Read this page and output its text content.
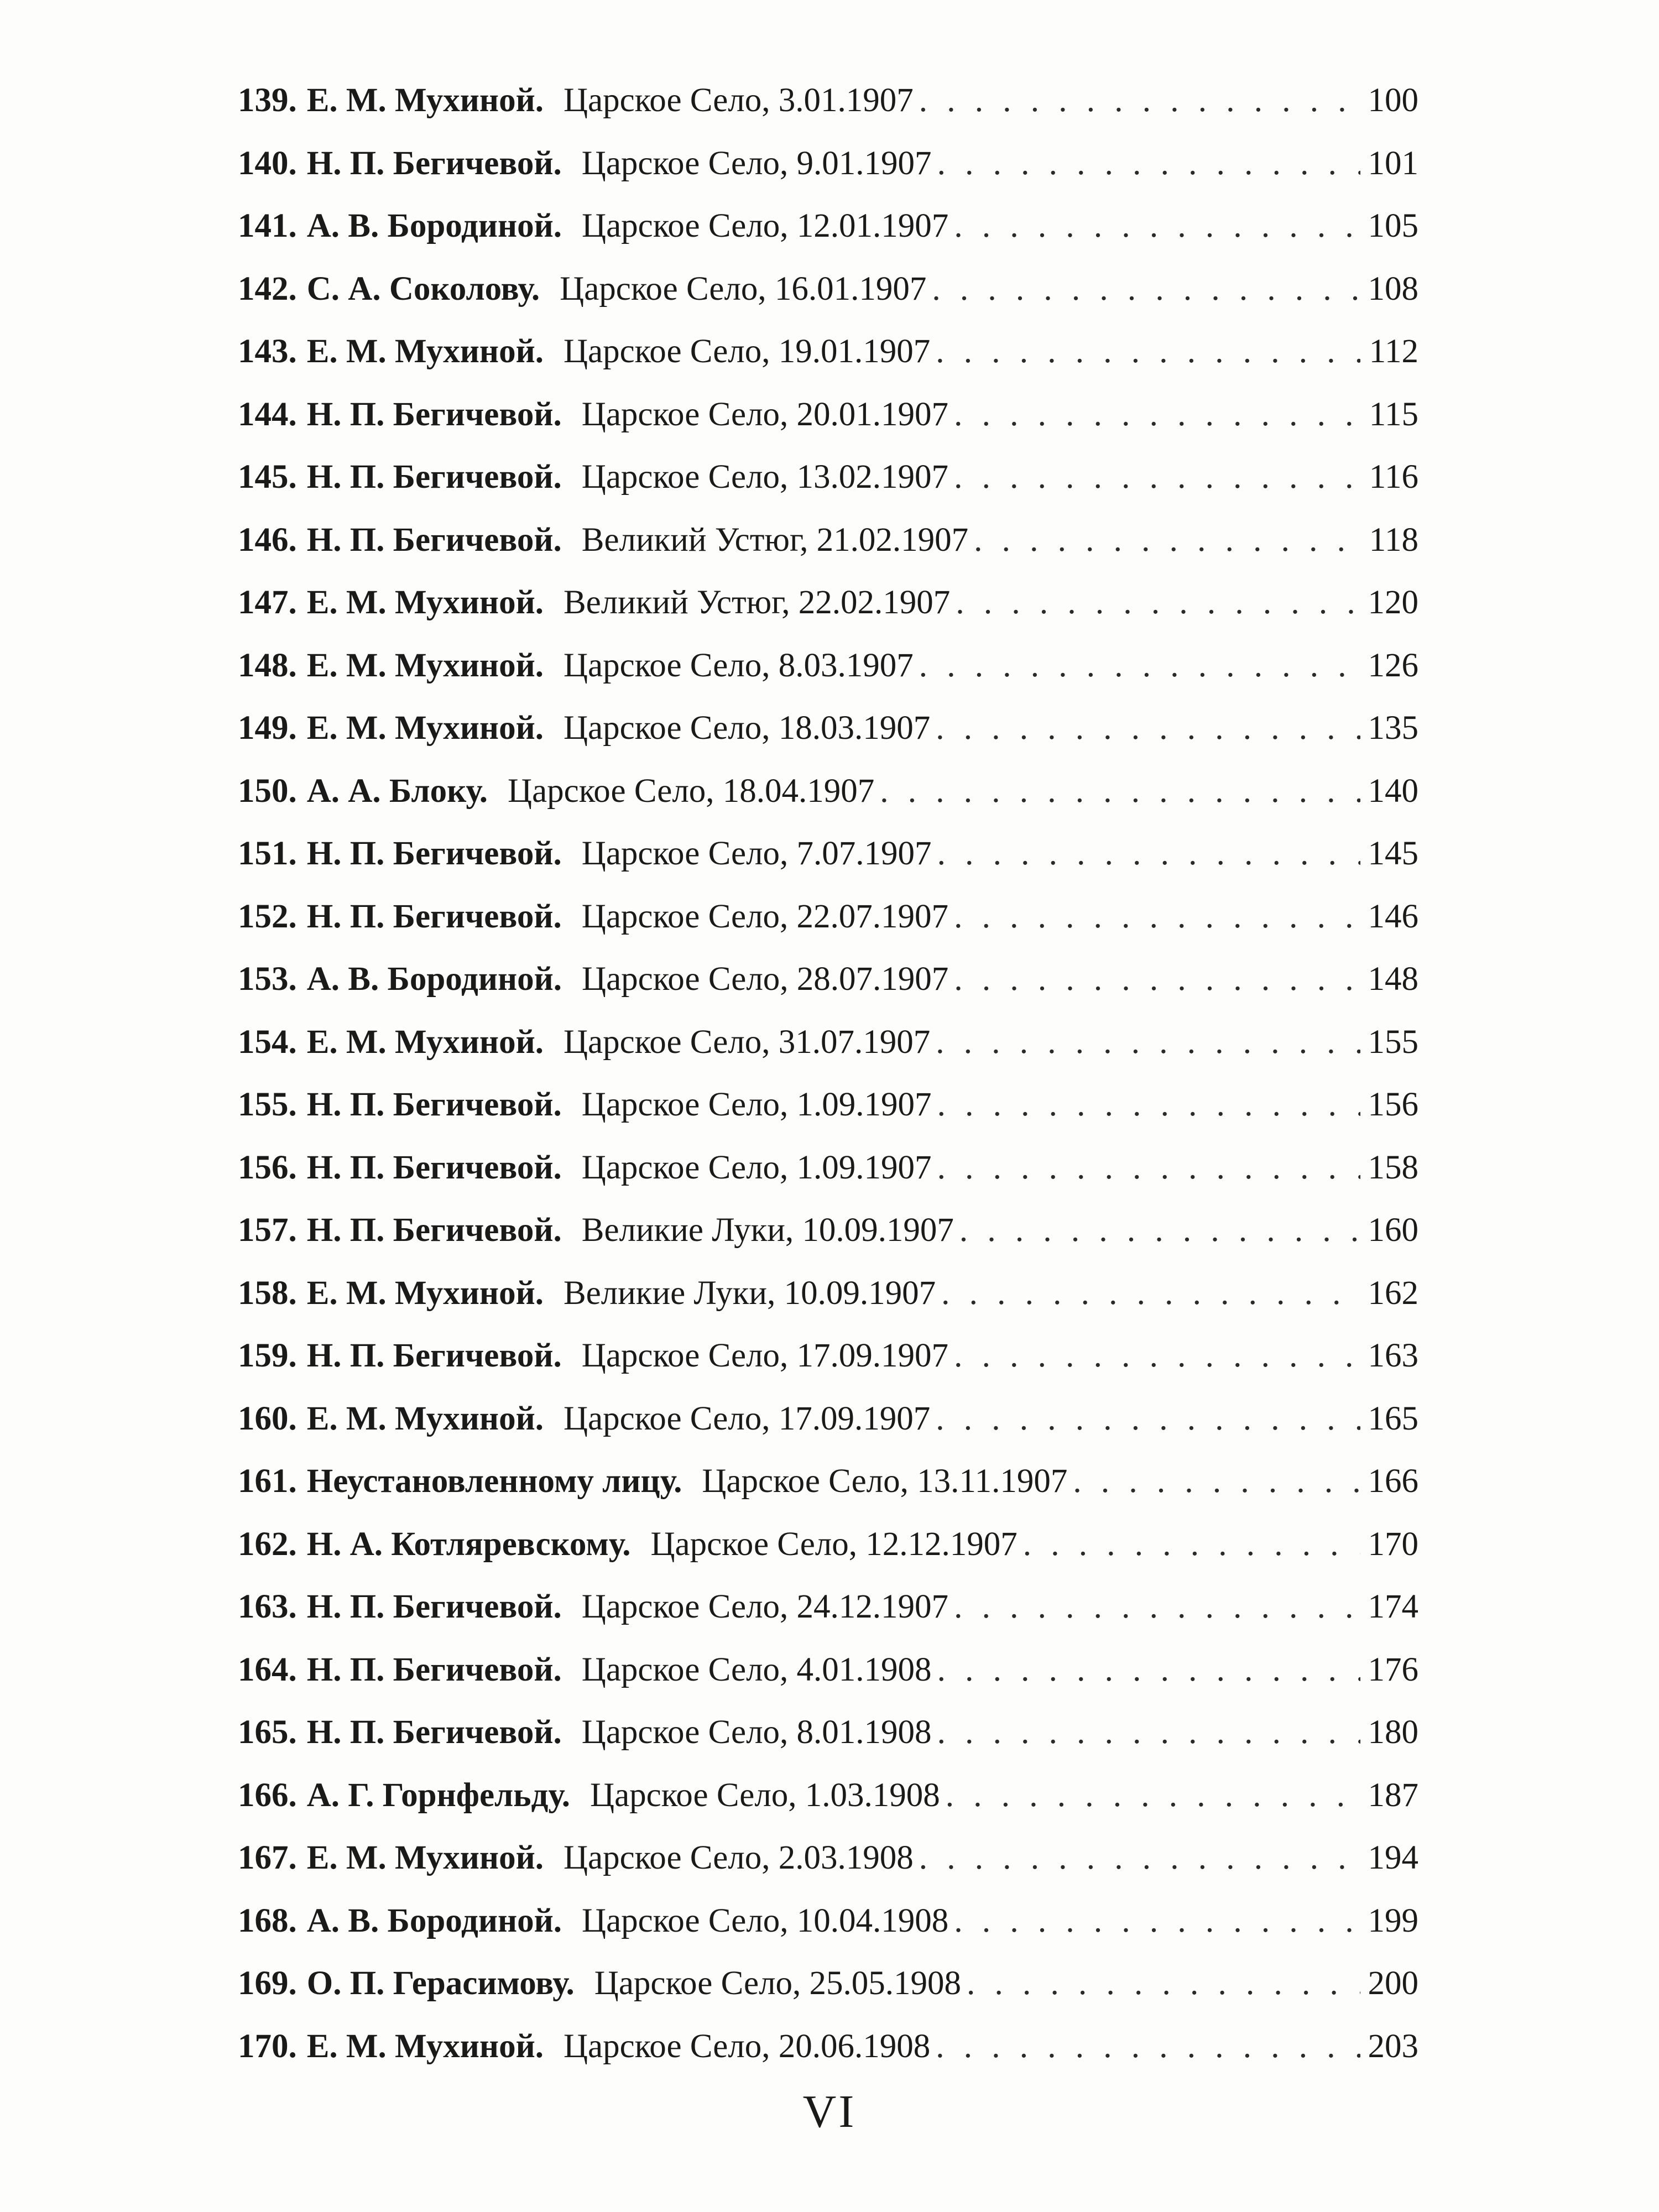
139. Е. М. Мухиной. Царское Село, 3.01.1907 . . .	100
140. Н. П. Бегичевой. Царское Село, 9.01.1907 . . .	101
141. А. В. Бородиной. Царское Село, 12.01.1907 . . .	105
142. С. А. Соколову. Царское Село, 16.01.1907 . . .	108
143. Е. М. Мухиной. Царское Село, 19.01.1907 . . .	112
144. Н. П. Бегичевой. Царское Село, 20.01.1907 . . .	115
145. Н. П. Бегичевой. Царское Село, 13.02.1907 . . .	116
146. Н. П. Бегичевой. Великий Устюг, 21.02.1907 . . .	118
147. Е. М. Мухиной. Великий Устюг, 22.02.1907 . . .	120
148. Е. М. Мухиной. Царское Село, 8.03.1907 . . .	126
149. Е. М. Мухиной. Царское Село, 18.03.1907 . . .	135
150. А. А. Блоку. Царское Село, 18.04.1907 . . .	140
151. Н. П. Бегичевой. Царское Село, 7.07.1907 . . .	145
152. Н. П. Бегичевой. Царское Село, 22.07.1907 . . .	146
153. А. В. Бородиной. Царское Село, 28.07.1907 . . .	148
154. Е. М. Мухиной. Царское Село, 31.07.1907 . . .	155
155. Н. П. Бегичевой. Царское Село, 1.09.1907 . . .	156
156. Н. П. Бегичевой. Царское Село, 1.09.1907 . . .	158
157. Н. П. Бегичевой. Великие Луки, 10.09.1907 . . .	160
158. Е. М. Мухиной. Великие Луки, 10.09.1907 . . .	162
159. Н. П. Бегичевой. Царское Село, 17.09.1907 . . .	163
160. Е. М. Мухиной. Царское Село, 17.09.1907 . . .	165
161. Неустановленному лицу. Царское Село, 13.11.1907 . . .	166
162. Н. А. Котляревскому. Царское Село, 12.12.1907 . . .	170
163. Н. П. Бегичевой. Царское Село, 24.12.1907 . . .	174
164. Н. П. Бегичевой. Царское Село, 4.01.1908 . . .	176
165. Н. П. Бегичевой. Царское Село, 8.01.1908 . . .	180
166. А. Г. Горнфельду. Царское Село, 1.03.1908 . . .	187
167. Е. М. Мухиной. Царское Село, 2.03.1908 . . .	194
168. А. В. Бородиной. Царское Село, 10.04.1908 . . .	199
169. О. П. Герасимову. Царское Село, 25.05.1908 . . .	200
170. Е. М. Мухиной. Царское Село, 20.06.1908 . . .	203
VI
